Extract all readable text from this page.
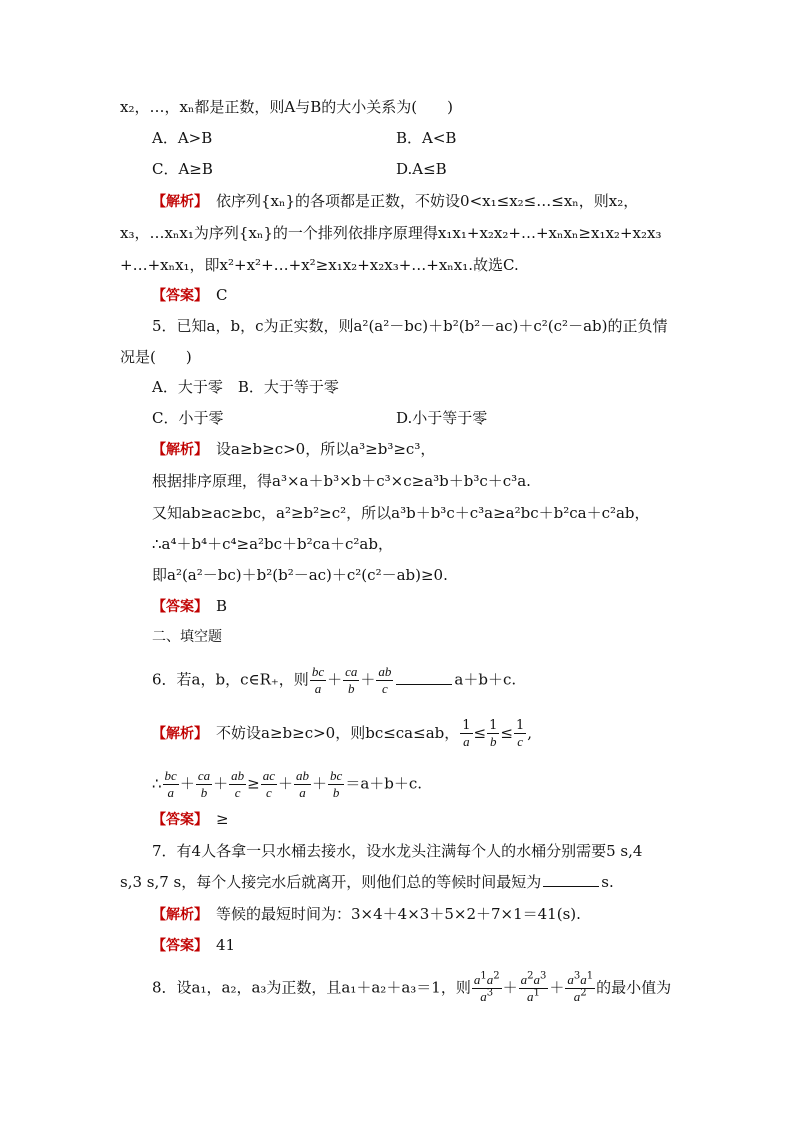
x₂，…，xₙ都是正数，则A与B的大小关系为(　　)
A．A>B	B．A<B
C．A≥B	D.A≤B
【解析】　 依序列{xₙ}的各项都是正数，不妨设0<x₁≤x₂≤…≤xₙ，则x₂，
x₃，…xₙx₁为序列{xₙ}的一个排列依排序原理得x₁x₁+x₂x₂+…+xₙxₙ≥x₁x₂+x₂x₃
+…+xₙx₁，即x²+x²+…+x²≥x₁x₂+x₂x₃+…+xₙx₁.故选C.
【答案】　 C
5．已知a，b，c为正实数，则a²(a²－bc)＋b²(b²－ac)＋c²(c²－ab)的正负情
况是(　　)
A．大于零　B．大于等于零
C．小于零	D.小于等于零
【解析】　 设a≥b≥c>0，所以a³≥b³≥c³，
根据排序原理，得a³×a＋b³×b＋c³×c≥a³b＋b³c＋c³a.
又知ab≥ac≥bc，a²≥b²≥c²，所以a³b＋b³c＋c³a≥a²bc＋b²ca＋c²ab，
∴a⁴＋b⁴＋c⁴≥a²bc＋b²ca＋c²ab，
即a²(a²－bc)＋b²(b²－ac)＋c²(c²－ab)≥0.
【答案】　 B
二、填空题
6．若a，b，c∈R₊，则 $\frac{bc}{a} + \frac{ca}{b} + \frac{ab}{c}$	a＋b＋c.
【解析】　 不妨设a≥b≥c>0，则bc≤ca≤ab， $\frac{1}{a} \le \frac{1}{b} \le \frac{1}{c}$ ,
∴ $\frac{bc}{a} + \frac{ca}{b} + \frac{ab}{c} \ge \frac{ac}{c} + \frac{ab}{a} + \frac{bc}{b} =a+b+c$.
【答案】　 ≥
7．有4人各拿一只水桶去接水，设水龙头注满每个人的水桶分别需要5 s,4
s,3 s,7 s，每个人接完水后就离开，则他们总的等候时间最短为	s.
【解析】　 等候的最短时间为：3×4＋4×3＋5×2＋7×1＝41(s).
【答案】　 41
8．设a₁，a₂，a₃为正数，且a₁＋a₂＋a₃＝1，则 $\frac{a^1a^2}{a^3} + \frac{a^2a^3}{a^1} + \frac{a^3a^1}{a^2}$ 的最小值为
